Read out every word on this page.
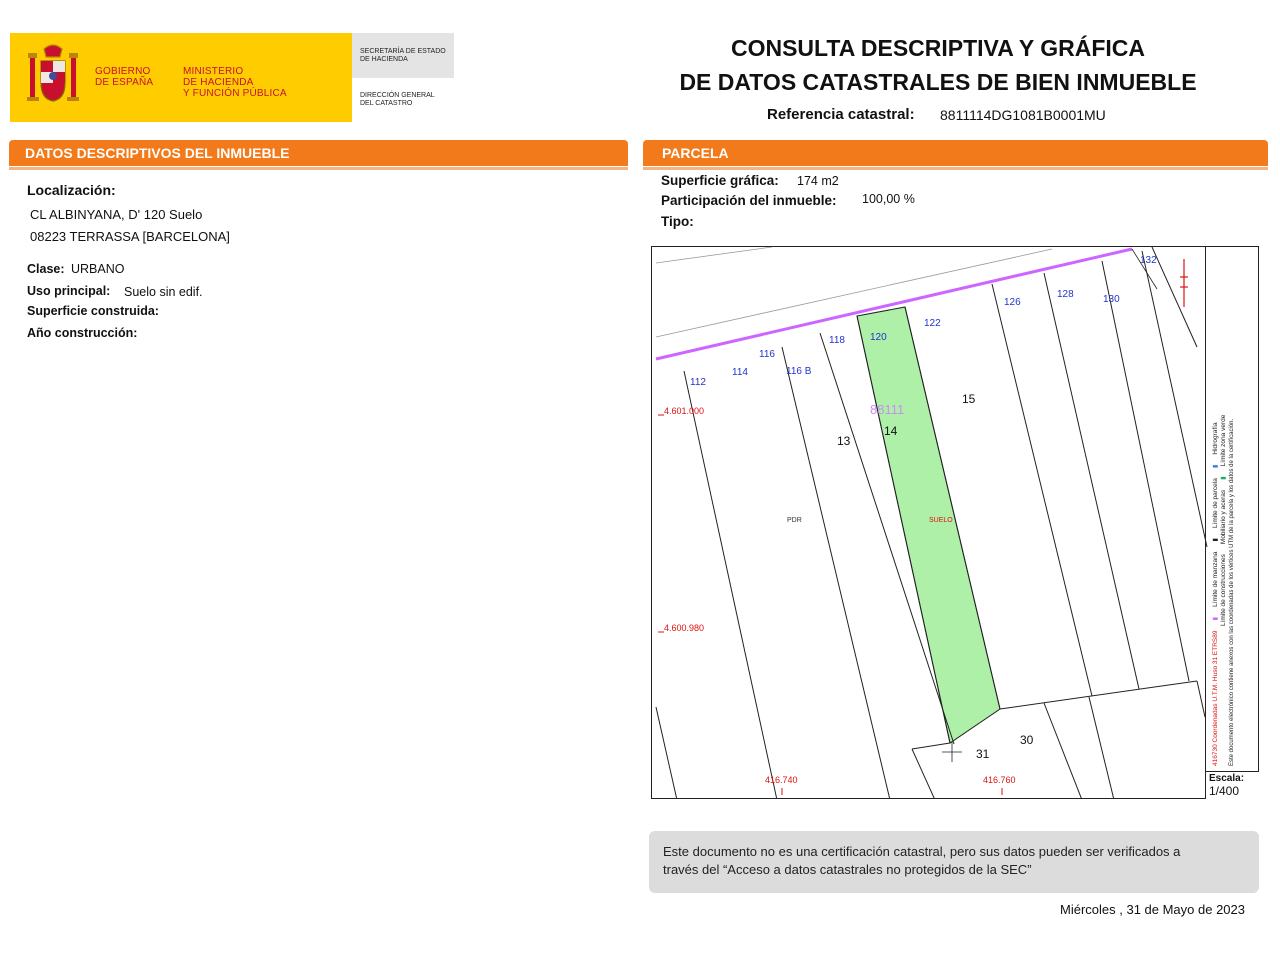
GOBIERNO
DE ESPAÑA
MINISTERIO
DE HACIENDA
Y FUNCIÓN PÚBLICA
SECRETARÍA DE ESTADO
DE HACIENDA
DIRECCIÓN GENERAL
DEL CATASTRO
CONSULTA DESCRIPTIVA Y GRÁFICA
DE DATOS CATASTRALES DE BIEN INMUEBLE
Referencia catastral: 8811114DG1081B0001MU
DATOS DESCRIPTIVOS DEL INMUEBLE
Localización:
CL ALBINYANA, D' 120 Suelo
08223 TERRASSA [BARCELONA]
Clase: URBANO
Uso principal: Suelo sin edif.
Superficie construida:
Año construcción:
PARCELA
Superficie gráfica: 174 m2
Participación del inmueble: 100,00 %
Tipo:
132
126
128	130
122
120
118
116
116 B
114
112
15
14
13
31
30
88111
PDR	SUELO
4.601.000
4.600.980
416.740	416.760
416730 Coordenadas U.T.M. Huso 31 ETRS89
▮
Límite de manzana
▮
Límite de parcela
▮
Hidrografía
Límite de construcciones
Mobiliario y aceras
▮
Límite zona verde Este documento electrónico contiene anexos con las coordenadas de los vértices UTM de la parcela y los datos de la certificación.
Escala:
1/400
Este documento no es una certificación catastral, pero sus datos pueden ser verificados a
través del “Acceso a datos catastrales no protegidos de la SEC”
Miércoles , 31 de Mayo de 2023
